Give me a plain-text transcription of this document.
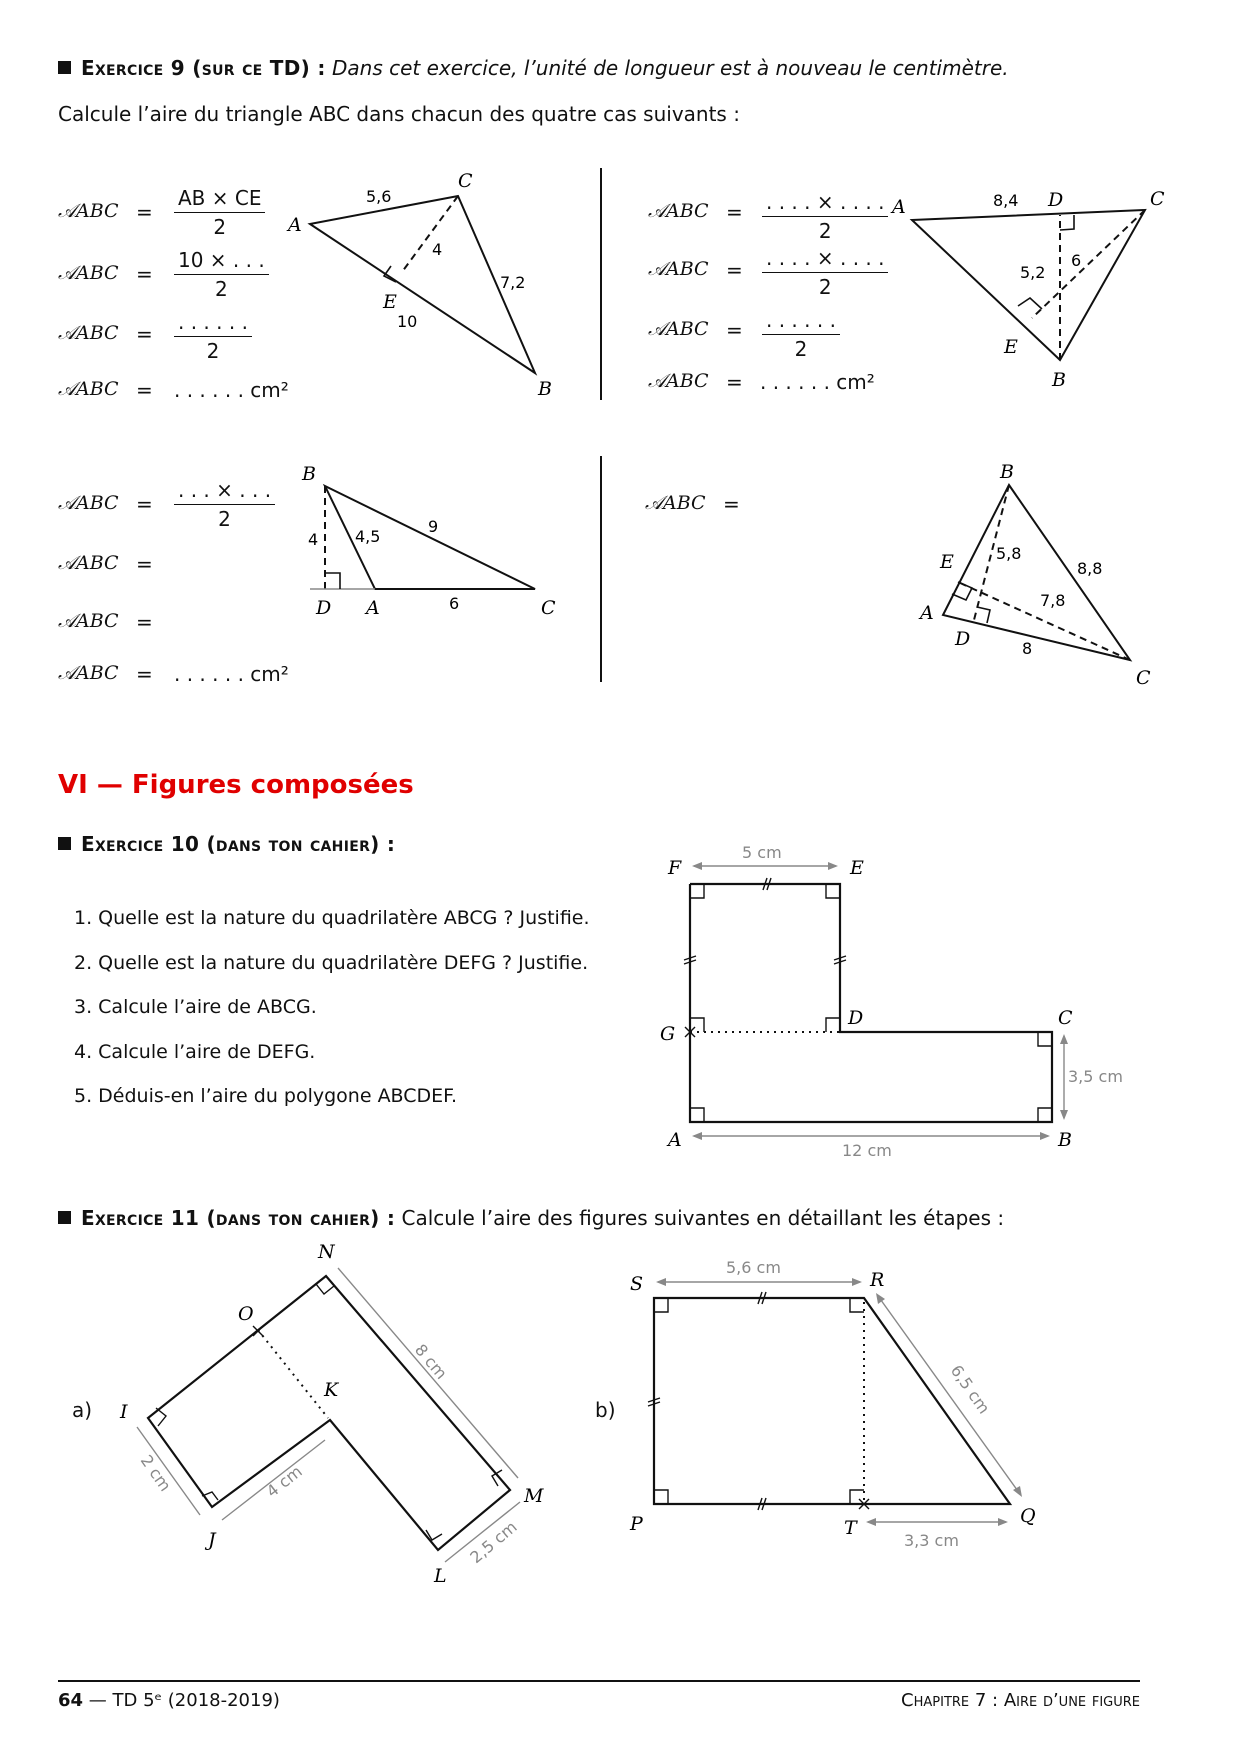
Exercice 9 (sur ce TD) : Dans cet exercice, l’unité de longueur est à nouveau le centimètre.
Calcule l’aire du triangle ABC dans chacun des quatre cas suivants :
𝒜ABC = $\frac{AB \times CE}{2}$
𝒜ABC = $\frac{10 \times . . .}{2}$
𝒜ABC = . . . . . .
2
𝒜ABC = . . . . . . cm²
𝒜ABC = . . . . × . . . .
2
𝒜ABC = . . . . × . . . .
2
𝒜ABC = . . . . . .
2
𝒜ABC = . . . . . . cm²
𝒜ABC =
. . . × . . .
2
𝒜ABC =
𝒜ABC =
𝒜ABC = . . . . . . cm²
𝒜ABC =
A
C
B
E
5,6
4
7,2
10
A	D	C
E
B
8,4
5,2
6
B
D A	C
4 4,5
9
6
B
E
A
D
C
5,8
8,8
7,8
8
VI — Figures composées
Exercice 10 (dans ton cahier) :
1. Quelle est la nature du quadrilatère ABCG ? Justifie.
2. Quelle est la nature du quadrilatère DEFG ? Justifie.
3. Calcule l’aire de ABCG.
4. Calcule l’aire de DEFG.
5. Déduis-en l’aire du polygone ABCDEF.
F	E
G
D	C
A	B
5 cm
3,5 cm
12 cm
Exercice 11 (dans ton cahier) : Calcule l’aire des figures suivantes en détaillant les étapes :
a)	b)
N
O
K
I
J
L
M
8 cm
2 cm	4 cm
2,5 cm
S	R
P	T
Q
5,6 cm
6,5 cm
3,3 cm
64 — TD 5ᵉ (2018-2019)	Chapitre 7 : Aire d’une figure
